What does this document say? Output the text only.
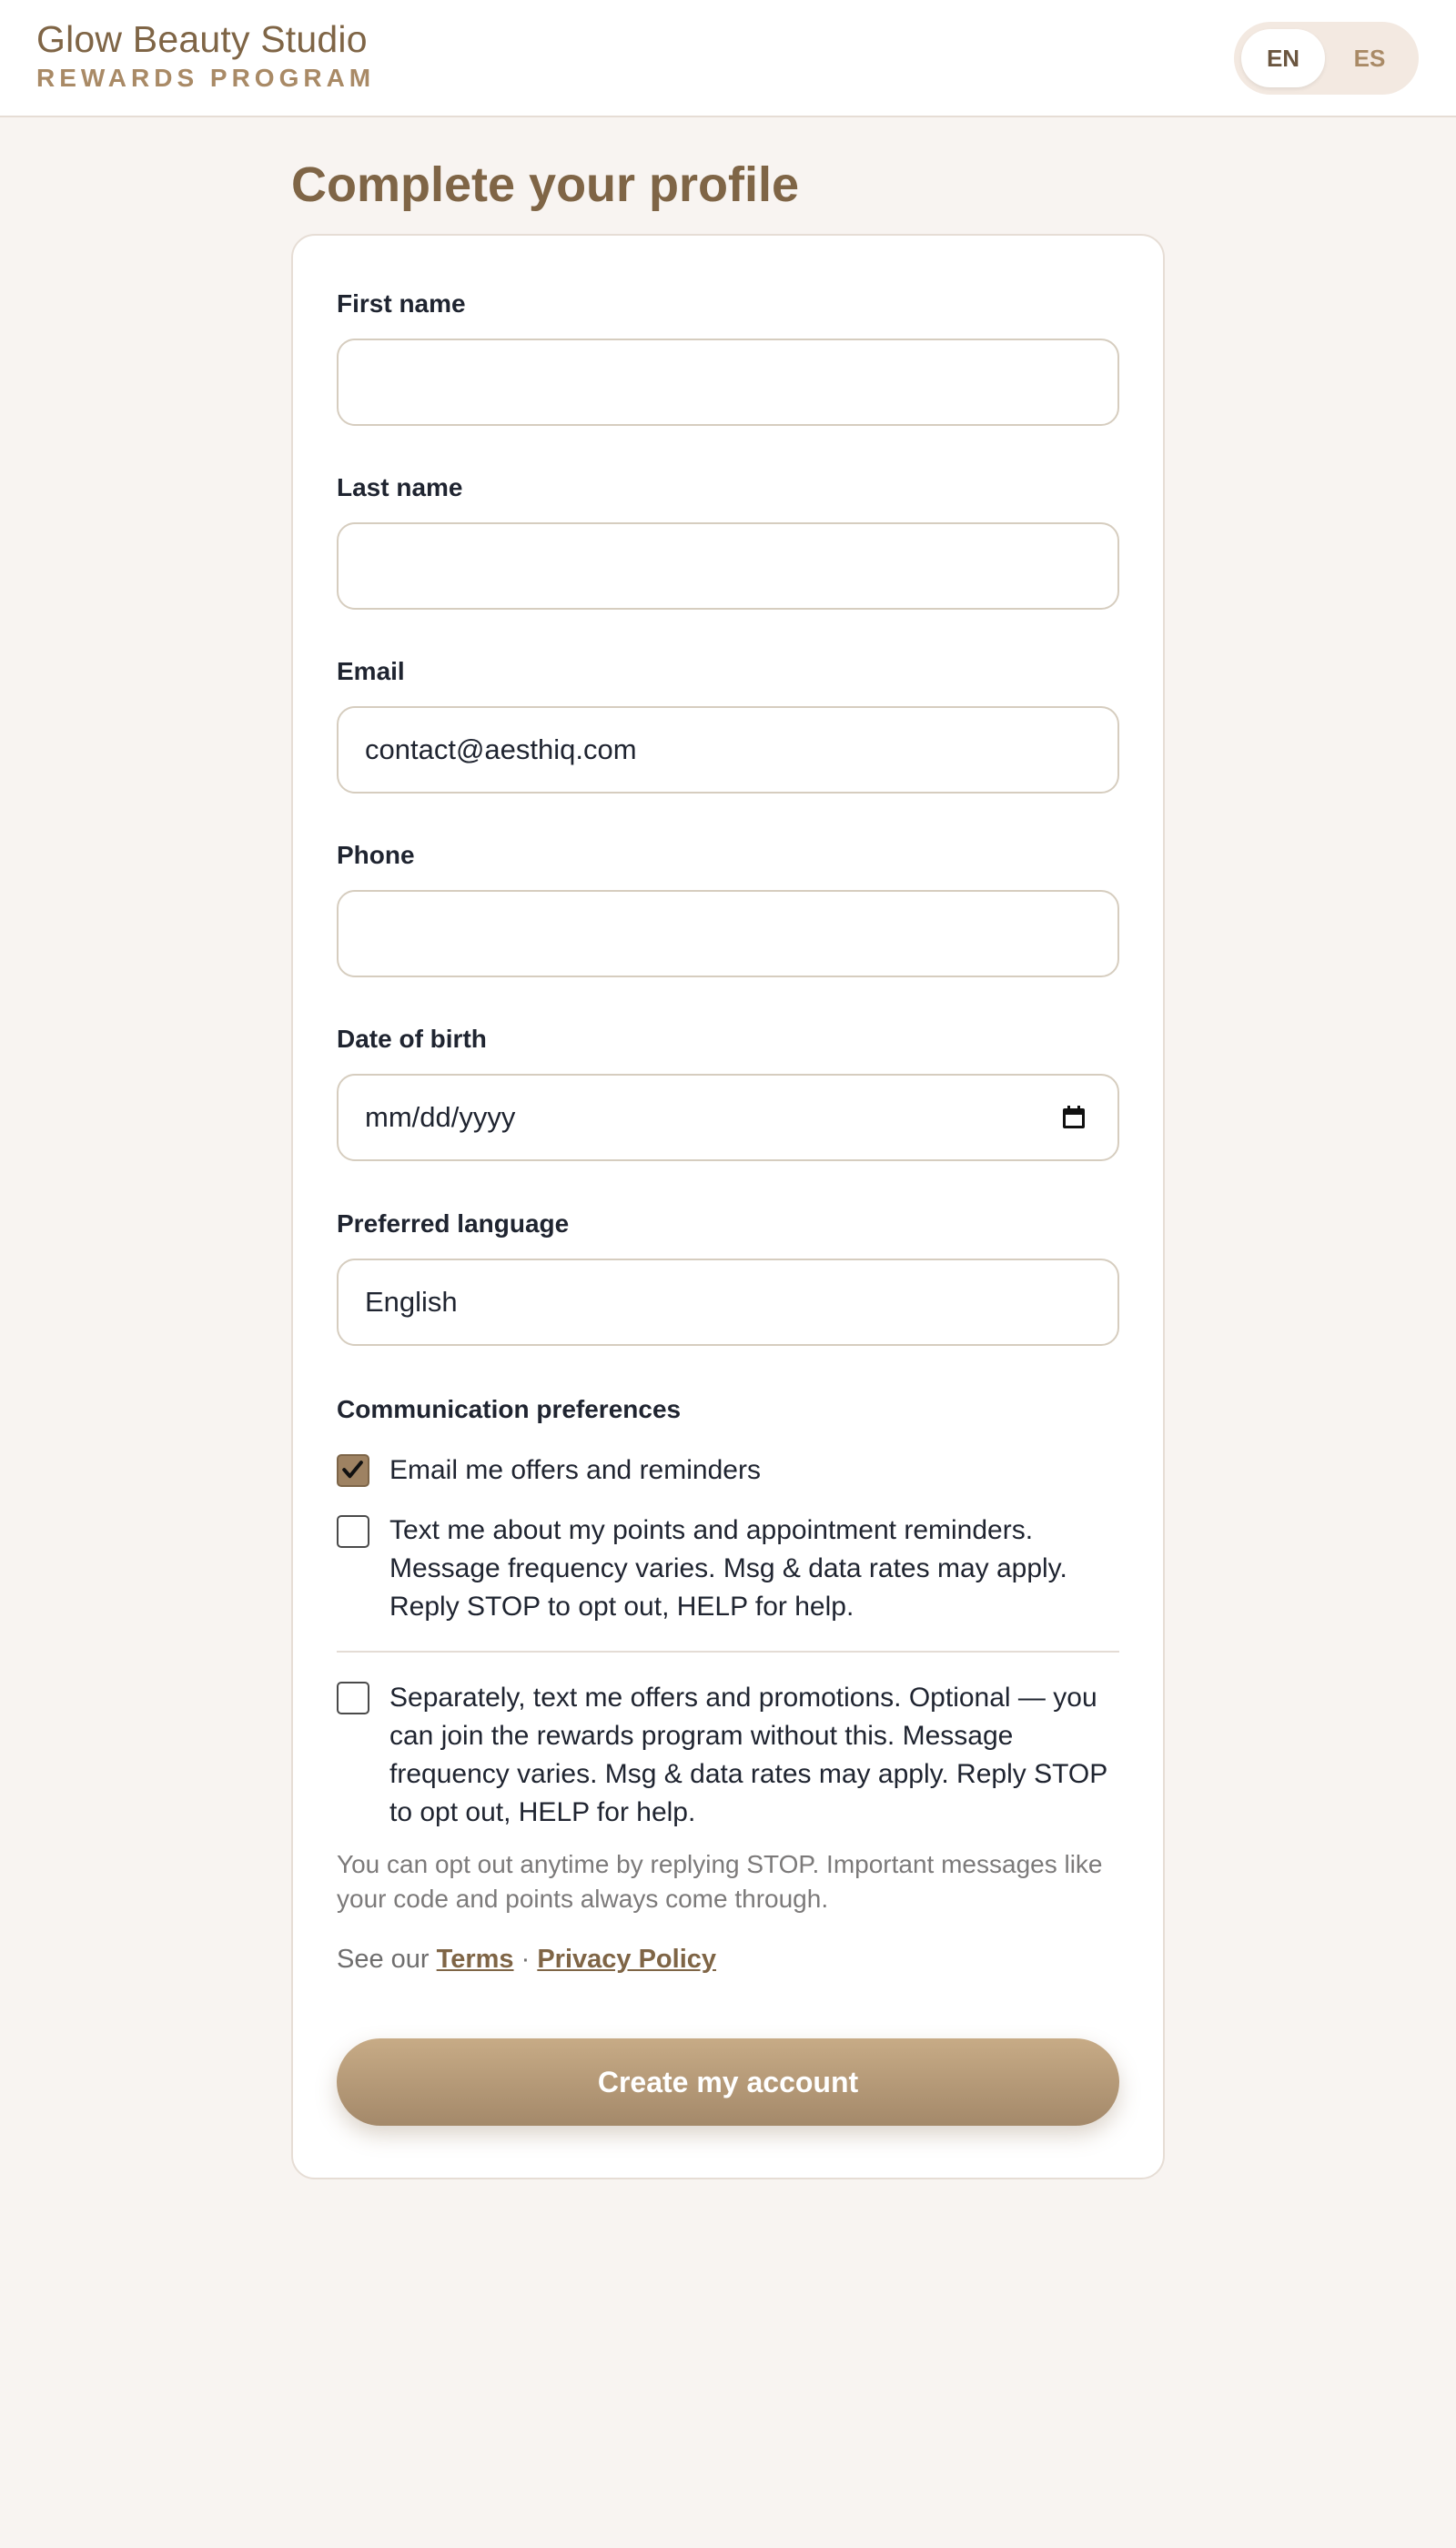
Glow Beauty Studio
REWARDS PROGRAM
EN	ES
Complete your profile
First name
Last name
Email
contact@aesthiq.com
Phone
Date of birth
mm/dd/yyyy
Preferred language
English
Communication preferences
Email me offers and reminders
Text me about my points and appointment reminders. Message frequency varies. Msg & data rates may apply. Reply STOP to opt out, HELP for help.
Separately, text me offers and promotions. Optional — you can join the rewards program without this. Message frequency varies. Msg & data rates may apply. Reply STOP to opt out, HELP for help.
You can opt out anytime by replying STOP. Important messages like your code and points always come through.
See our Terms · Privacy Policy
Create my account
